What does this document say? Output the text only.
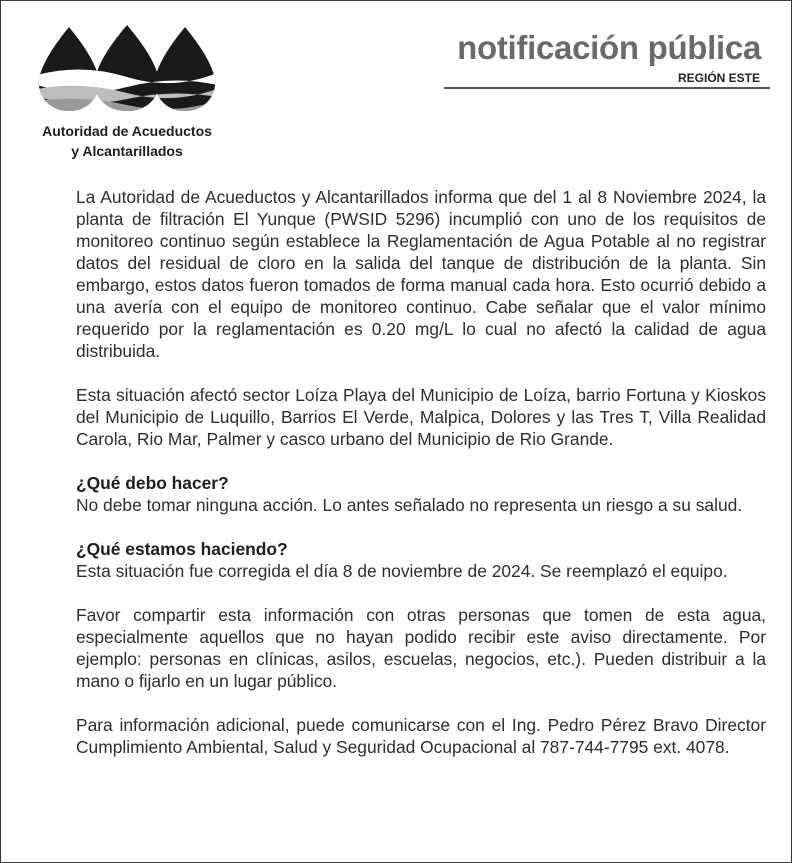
Autoridad de Acueductos
y Alcantarillados
notificación pública
REGIÓN ESTE

La Autoridad de Acueductos y Alcantarillados informa que del 1 al 8 Noviembre 2024, la planta de filtración El Yunque (PWSID 5296) incumplió con uno de los requisitos de monitoreo continuo según establece la Reglamentación de Agua Potable al no registrar datos del residual de cloro en la salida del tanque de distribución de la planta. Sin embargo, estos datos fueron tomados de forma manual cada hora. Esto ocurrió debido a una avería con el equipo de monitoreo continuo. Cabe señalar que el valor mínimo requerido por la reglamentación es 0.20 mg/L lo cual no afectó la calidad de agua distribuida.

Esta situación afectó sector Loíza Playa del Municipio de Loíza, barrio Fortuna y Kioskos del Municipio de Luquillo, Barrios El Verde, Malpica, Dolores y las Tres T, Villa Realidad Carola, Rio Mar, Palmer y casco urbano del Municipio de Rio Grande.

¿Qué debo hacer?

No debe tomar ninguna acción. Lo antes señalado no representa un riesgo a su salud.

¿Qué estamos haciendo?

Esta situación fue corregida el día 8 de noviembre de 2024. Se reemplazó el equipo.

Favor compartir esta información con otras personas que tomen de esta agua, especialmente aquellos que no hayan podido recibir este aviso directamente. Por ejemplo: personas en clínicas, asilos, escuelas, negocios, etc.). Pueden distribuir a la mano o fijarlo en un lugar público.

Para información adicional, puede comunicarse con el Ing. Pedro Pérez Bravo Director Cumplimiento Ambiental, Salud y Seguridad Ocupacional al 787-744-7795 ext. 4078.
